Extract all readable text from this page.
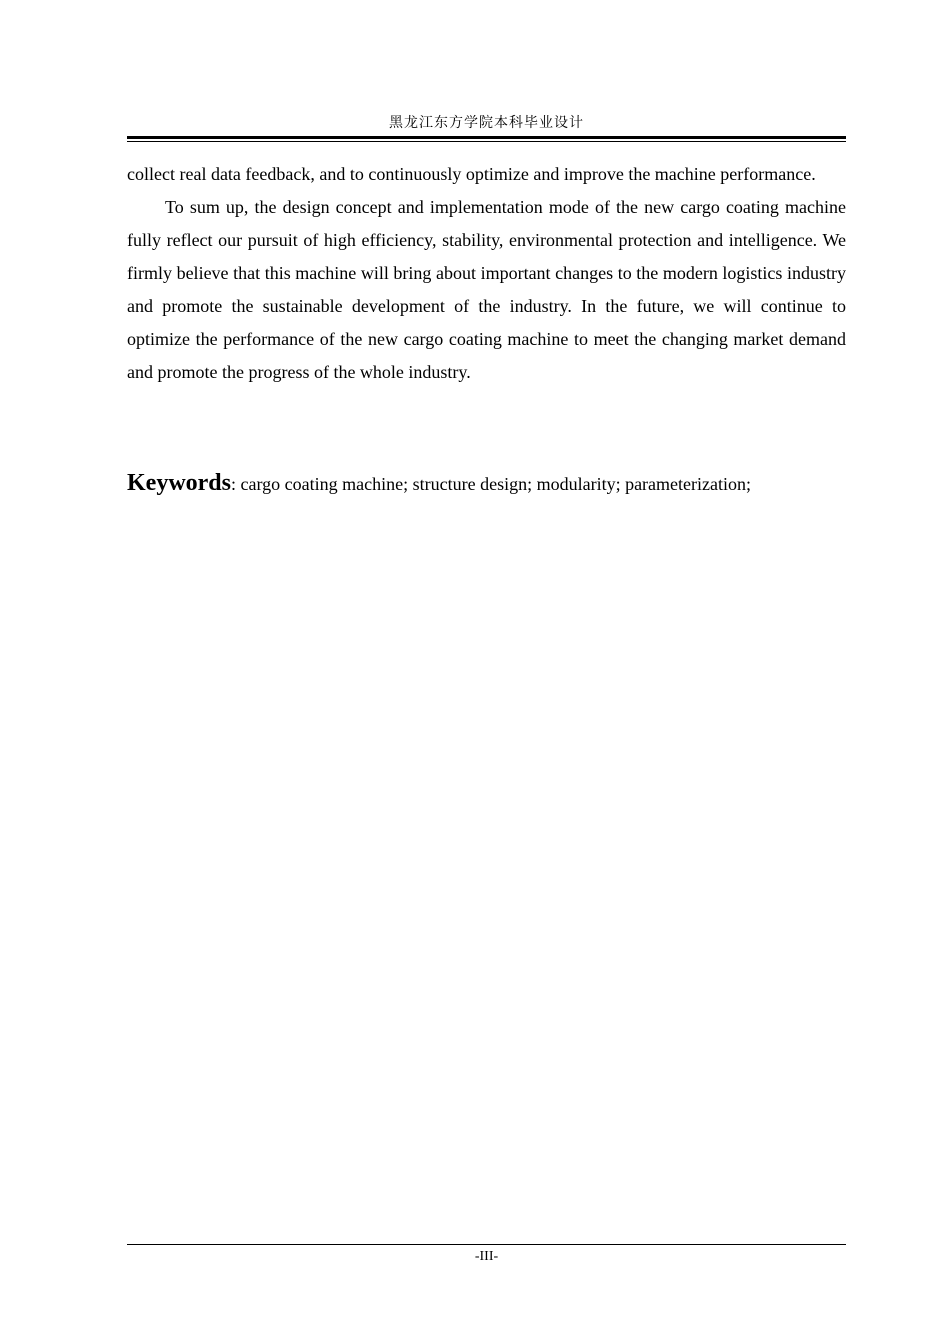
黑龙江东方学院本科毕业设计

collect real data feedback, and to continuously optimize and improve the machine performance.

To sum up, the design concept and implementation mode of the new cargo coating machine fully reflect our pursuit of high efficiency, stability, environmental protection and intelligence. We firmly believe that this machine will bring about important changes to the modern logistics industry and promote the sustainable development of the industry. In the future, we will continue to optimize the performance of the new cargo coating machine to meet the changing market demand and promote the progress of the whole industry.

Keywords: cargo coating machine; structure design; modularity; parameterization;
-III-
